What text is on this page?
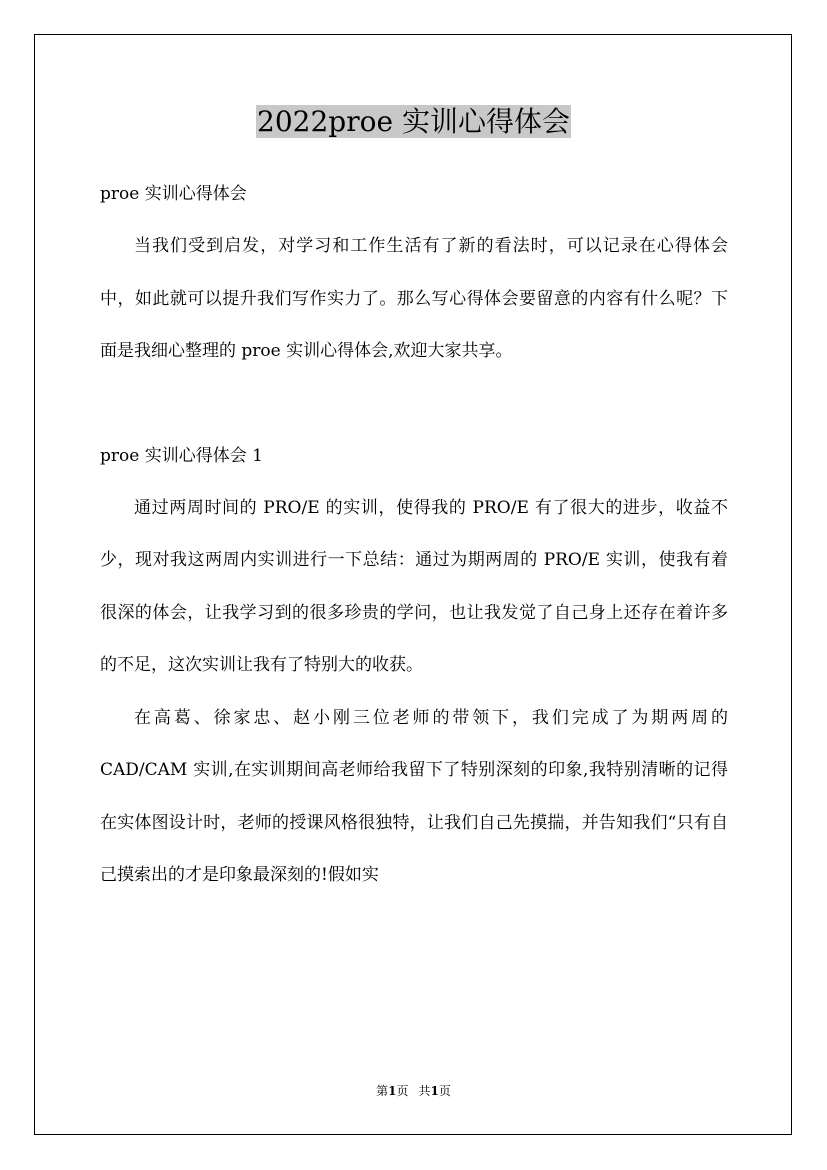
2022proe 实训心得体会

proe 实训心得体会

当我们受到启发，对学习和工作生活有了新的看法时，可以记录在心得体会中，如此就可以提升我们写作实力了。那么写心得体会要留意的内容有什么呢？下面是我细心整理的 proe 实训心得体会,欢迎大家共享。

proe 实训心得体会 1

通过两周时间的 PRO/E 的实训，使得我的 PRO/E 有了很大的进步，收益不少，现对我这两周内实训进行一下总结：通过为期两周的 PRO/E 实训，使我有着很深的体会，让我学习到的很多珍贵的学问，也让我发觉了自己身上还存在着许多的不足，这次实训让我有了特别大的收获。

在高葛、徐家忠、赵小刚三位老师的带领下，我们完成了为期两周的 CAD/CAM 实训,在实训期间高老师给我留下了特别深刻的印象,我特别清晰的记得在实体图设计时，老师的授课风格很独特，让我们自己先摸揣，并告知我们“只有自己摸索出的才是印象最深刻的!假如实

第1页 共1页
